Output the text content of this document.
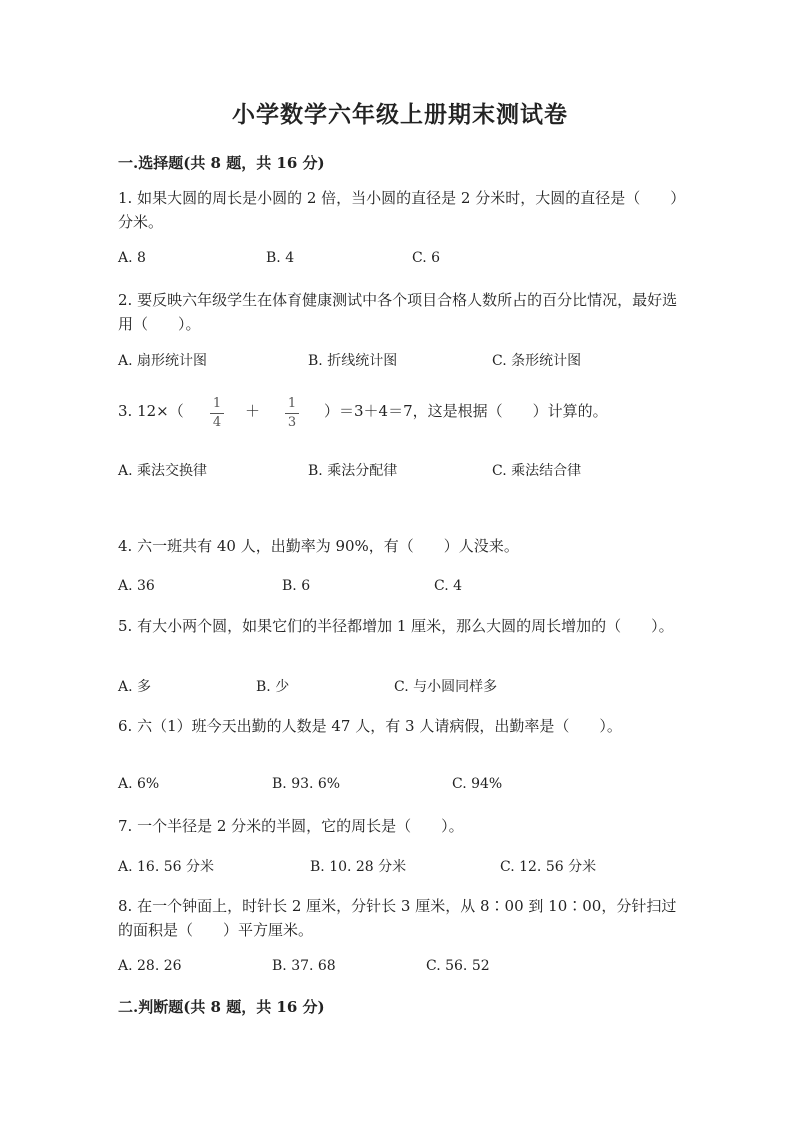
小学数学六年级上册期末测试卷
一.选择题(共 8 题，共 16 分)
1. 如果大圆的周长是小圆的 2 倍，当小圆的直径是 2 分米时，大圆的直径是（　　）分米。
A. 8	B. 4	C. 6
2. 要反映六年级学生在体育健康测试中各个项目合格人数所占的百分比情况，最好选用（　　）。
A. 扇形统计图	B. 折线统计图	C. 条形统计图
3. $12\times( \frac{1}{4} + \frac{1}{3} )=3+4=7$，这是根据（　　）计算的。
A. 乘法交换律	B. 乘法分配律	C. 乘法结合律
4. 六一班共有 40 人，出勤率为 90%，有（　　）人没来。
A. 36	B. 6	C. 4
5. 有大小两个圆，如果它们的半径都增加 1 厘米，那么大圆的周长增加的（　　）。
A. 多	B. 少	C. 与小圆同样多
6. 六（1）班今天出勤的人数是 47 人，有 3 人请病假，出勤率是（　　）。
A. 6%	B. 93. 6%	C. 94%
7. 一个半径是 2 分米的半圆，它的周长是（　　）。
A. 16. 56 分米	B. 10. 28 分米	C. 12. 56 分米
8. 在一个钟面上，时针长 2 厘米，分针长 3 厘米，从 8∶00 到 10∶00，分针扫过的面积是（　　）平方厘米。
A. 28. 26	B. 37. 68	C. 56. 52
二.判断题(共 8 题，共 16 分)
